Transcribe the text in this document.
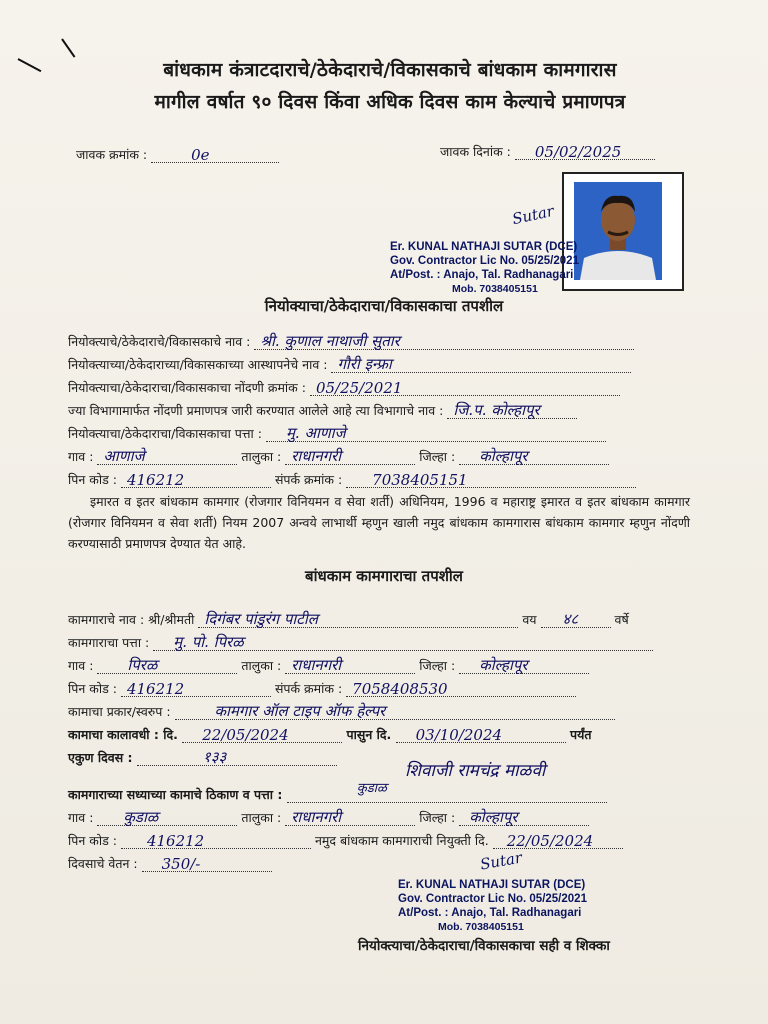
बांधकाम कंत्राटदाराचे/ठेकेदाराचे/विकासकाचे बांधकाम कामगारास
मागील वर्षात ९० दिवस किंवा अधिक दिवस काम केल्याचे प्रमाणपत्र
जावक क्रमांक :	0e	जावक दिनांक : 05/02/2025
Sutar
Er. KUNAL NATHAJI SUTAR (DCE)
Gov. Contractor Lic No. 05/25/2021
At/Post. : Anajo, Tal. Radhanagari
Mob. 7038405151
नियोक्याचा/ठेकेदाराचा/विकासकाचा तपशील
नियोक्त्याचे/ठेकेदाराचे/विकासकाचे नाव : श्री. कुणाल नाथाजी सुतार
नियोक्त्याच्या/ठेकेदाराच्या/विकासकाच्या आस्थापनेचे नाव : गौरी इन्फ्रा
नियोक्त्याचा/ठेकेदाराचा/विकासकाचा नोंदणी क्रमांक : 05/25/2021
ज्या विभागामार्फत नोंदणी प्रमाणपत्र जारी करण्यात आलेले आहे त्या विभागाचे नाव : जि.प. कोल्हापूर
नियोक्त्याचा/ठेकेदाराचा/विकासकाचा पत्ता : मु. आणाजे
गाव : आणाजे	तालुका : राधानगरी	जिल्हा : कोल्हापूर
पिन कोड : 416212	संपर्क क्रमांक : 7038405151
इमारत व इतर बांधकाम कामगार (रोजगार विनियमन व सेवा शर्ती) अधिनियम, 1996 व महाराष्ट्र इमारत व इतर बांधकाम कामगार (रोजगार विनियमन व सेवा शर्ती) नियम 2007 अन्वये लाभार्थी म्हणुन खाली नमुद बांधकाम कामगारास बांधकाम कामगार म्हणुन नोंदणी करण्यासाठी प्रमाणपत्र देण्यात येत आहे.
बांधकाम कामगाराचा तपशील
कामगाराचे नाव : श्री/श्रीमती दिगंबर पांडुरंग पाटील	वय ४८	वर्षे
कामगाराचा पत्ता : मु. पो. पिरळ
गाव : पिरळ	तालुका : राधानगरी	जिल्हा : कोल्हापूर
पिन कोड : 416212	संपर्क क्रमांक : 7058408530
कामाचा प्रकार/स्वरुप :	कामगार ऑल टाइप ऑफ हेल्पर
कामाचा कालावधी : दि. 22/05/2024	पासुन दि. 03/10/2024	पर्यंत
एकुण दिवस :	१३३
शिवाजी रामचंद्र माळवी
कामगाराच्या सध्याच्या कामाचे ठिकाण व पत्ता :	कुडाळ
गाव : कुडाळ	तालुका : राधानगरी	जिल्हा : कोल्हापूर
पिन कोड : 416212	नमुद बांधकाम कामगाराची नियुक्ती दि. 22/05/2024
दिवसाचे वेतन : 350/-	Sutar
Er. KUNAL NATHAJI SUTAR (DCE)
Gov. Contractor Lic No. 05/25/2021
At/Post. : Anajo, Tal. Radhanagari
Mob. 7038405151
नियोक्त्याचा/ठेकेदाराचा/विकासकाचा सही व शिक्का
